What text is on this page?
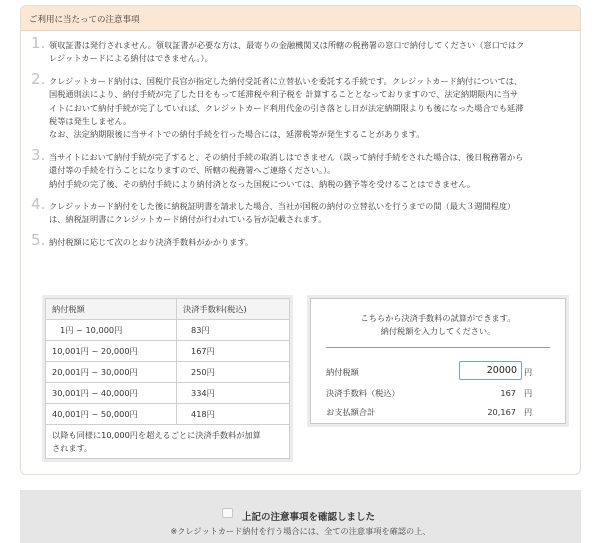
ご利用に当たっての注意事項
1. 領収証書は発行されません。領収証書が必要な方は、最寄りの金融機関又は所轄の税務署の窓口で納付してください（窓口ではク
レジットカードによる納付はできません。）。
2. クレジットカード納付は、国税庁長官が指定した納付受託者に立替払いを委託する手続です。クレジットカード納付については、
国税通則法により、納付手続が完了した日をもって延滞税や利子税を 計算することとなっておりますので、法定納期限内に当サ
イトにおいて納付手続が完了していれば、クレジットカード利用代金の引き落とし日が法定納期限よりも後になった場合でも延滞
税等は発生しません。
なお、法定納期限後に当サイトでの納付手続を行った場合には、延滞税等が発生することがあります。
3. 当サイトにおいて納付手続が完了すると、その納付手続の取消しはできません（誤って納付手続をされた場合は、後日税務署から
還付等の手続を行うことになりますので、所轄の税務署へご連絡ください。）。
納付手続の完了後、その納付手続により納付済となった国税については、納税の猶予等を受けることはできません。
4. クレジットカード納付をした後に納税証明書を請求した場合、当社が国税の納付の立替払いを行うまでの間（最大３週間程度）
は、納税証明書にクレジットカード納付が行われている旨が記載されます。
5. 納付税額に応じて次のとおり決済手数料がかかります。
納付税額	決済手数料(税込)
1円 ~ 10,000円	83円
10,001円 ~ 20,000円	167円
20,001円 ~ 30,000円	250円
30,001円 ~ 40,000円	334円
40,001円 ~ 50,000円	418円

以降も同様に10,000円を超えるごとに決済手数料が加算
されます。	
こちらから決済手数料の試算ができます。
納付税額を入力してください。
納付税額
20000	円
決済手数料（税込）	167 円
お支払額合計	20,167 円
上記の注意事項を確認しました
※クレジットカード納付を行う場合には、全ての注意事項を確認の上、
